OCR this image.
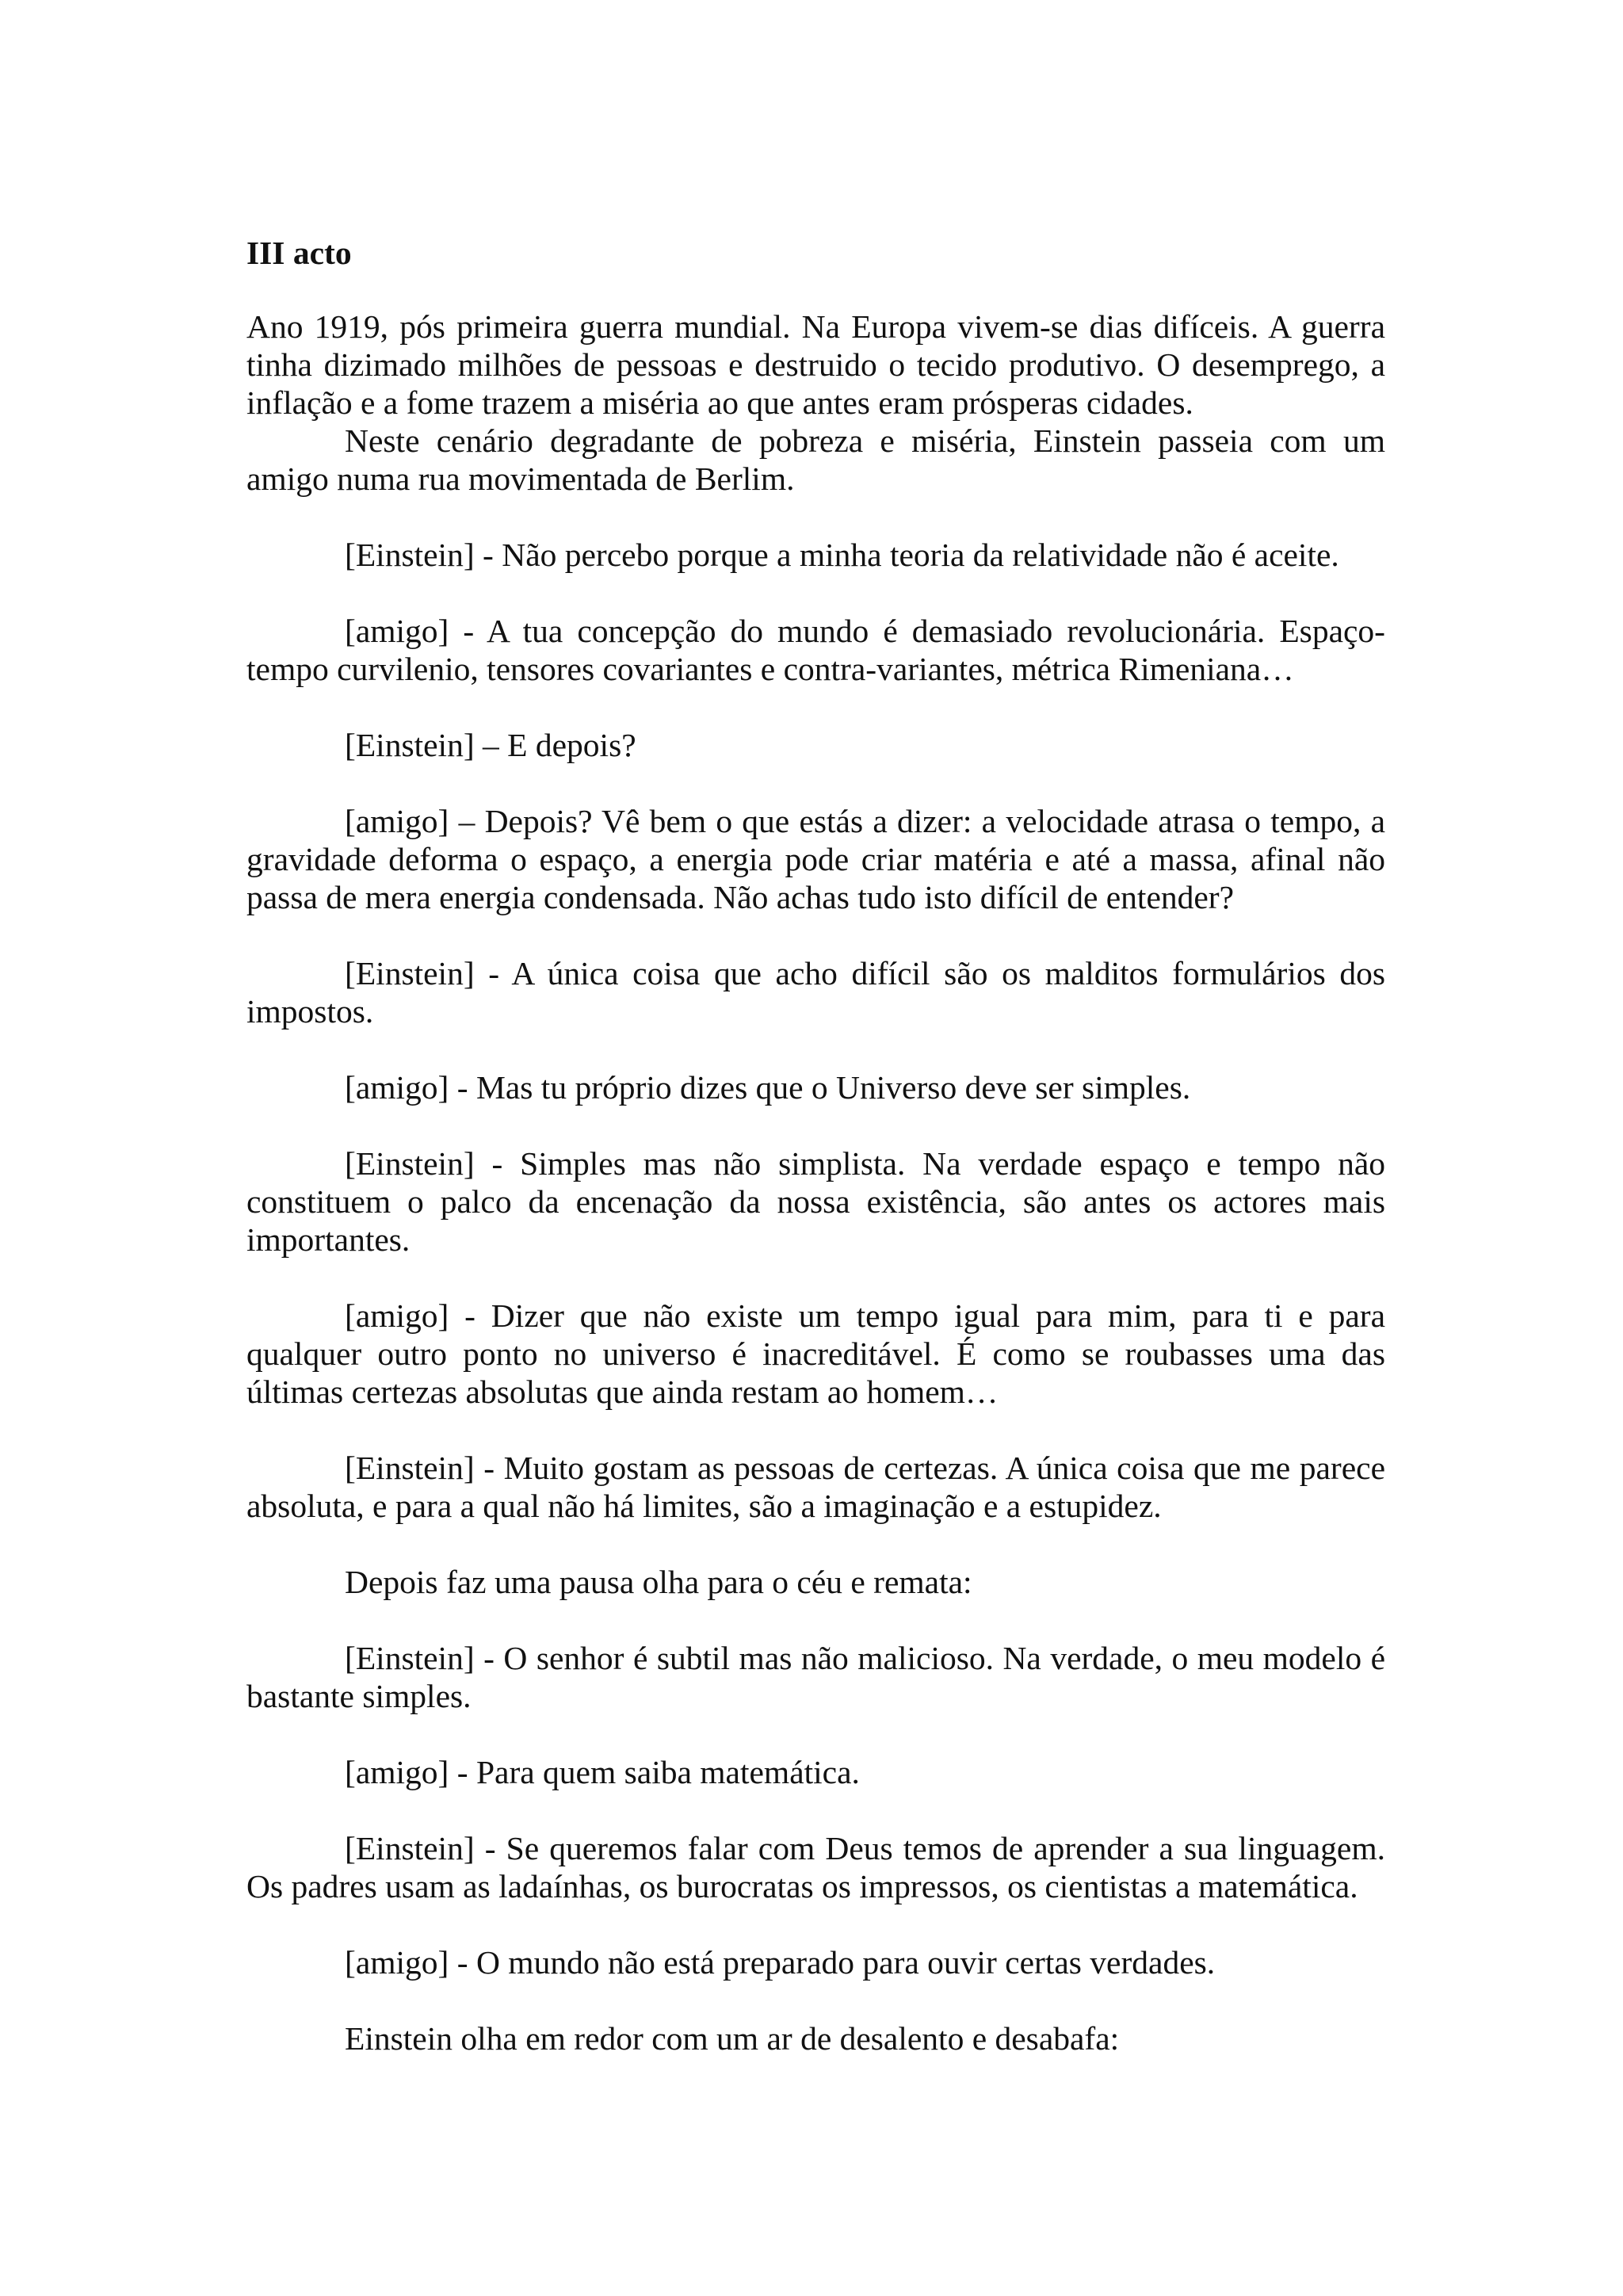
III acto

Ano 1919, pós primeira guerra mundial. Na Europa vivem-se dias difíceis. A guerra tinha dizimado milhões de pessoas e destruido o tecido produtivo. O desemprego, a inflação e a fome trazem a miséria ao que antes eram prósperas cidades.

Neste cenário degradante de pobreza e miséria, Einstein passeia com um amigo numa rua movimentada de Berlim.

[Einstein] - Não percebo porque a minha teoria da relatividade não é aceite.

[amigo] - A tua concepção do mundo é demasiado revolucionária. Espaço-tempo curvilenio, tensores covariantes e contra-variantes, métrica Rimeniana…

[Einstein] – E depois?

[amigo] – Depois? Vê bem o que estás a dizer: a velocidade atrasa o tempo, a gravidade deforma o espaço, a energia pode criar matéria e até a massa, afinal não passa de mera energia condensada. Não achas tudo isto difícil de entender?

[Einstein] - A única coisa que acho difícil são os malditos formulários dos impostos.

[amigo] - Mas tu próprio dizes que o Universo deve ser simples.

[Einstein] - Simples mas não simplista. Na verdade espaço e tempo não constituem o palco da encenação da nossa existência, são antes os actores mais importantes.

[amigo] - Dizer que não existe um tempo igual para mim, para ti e para qualquer outro ponto no universo é inacreditável. É como se roubasses uma das últimas certezas absolutas que ainda restam ao homem…

[Einstein] - Muito gostam as pessoas de certezas. A única coisa que me parece absoluta, e para a qual não há limites, são a imaginação e a estupidez.

Depois faz uma pausa olha para o céu e remata:

[Einstein] - O senhor é subtil mas não malicioso. Na verdade, o meu modelo é bastante simples.

[amigo] - Para quem saiba matemática.

[Einstein] - Se queremos falar com Deus temos de aprender a sua linguagem. Os padres usam as ladaínhas, os burocratas os impressos, os cientistas a matemática.

[amigo] - O mundo não está preparado para ouvir certas verdades.

Einstein olha em redor com um ar de desalento e desabafa:
